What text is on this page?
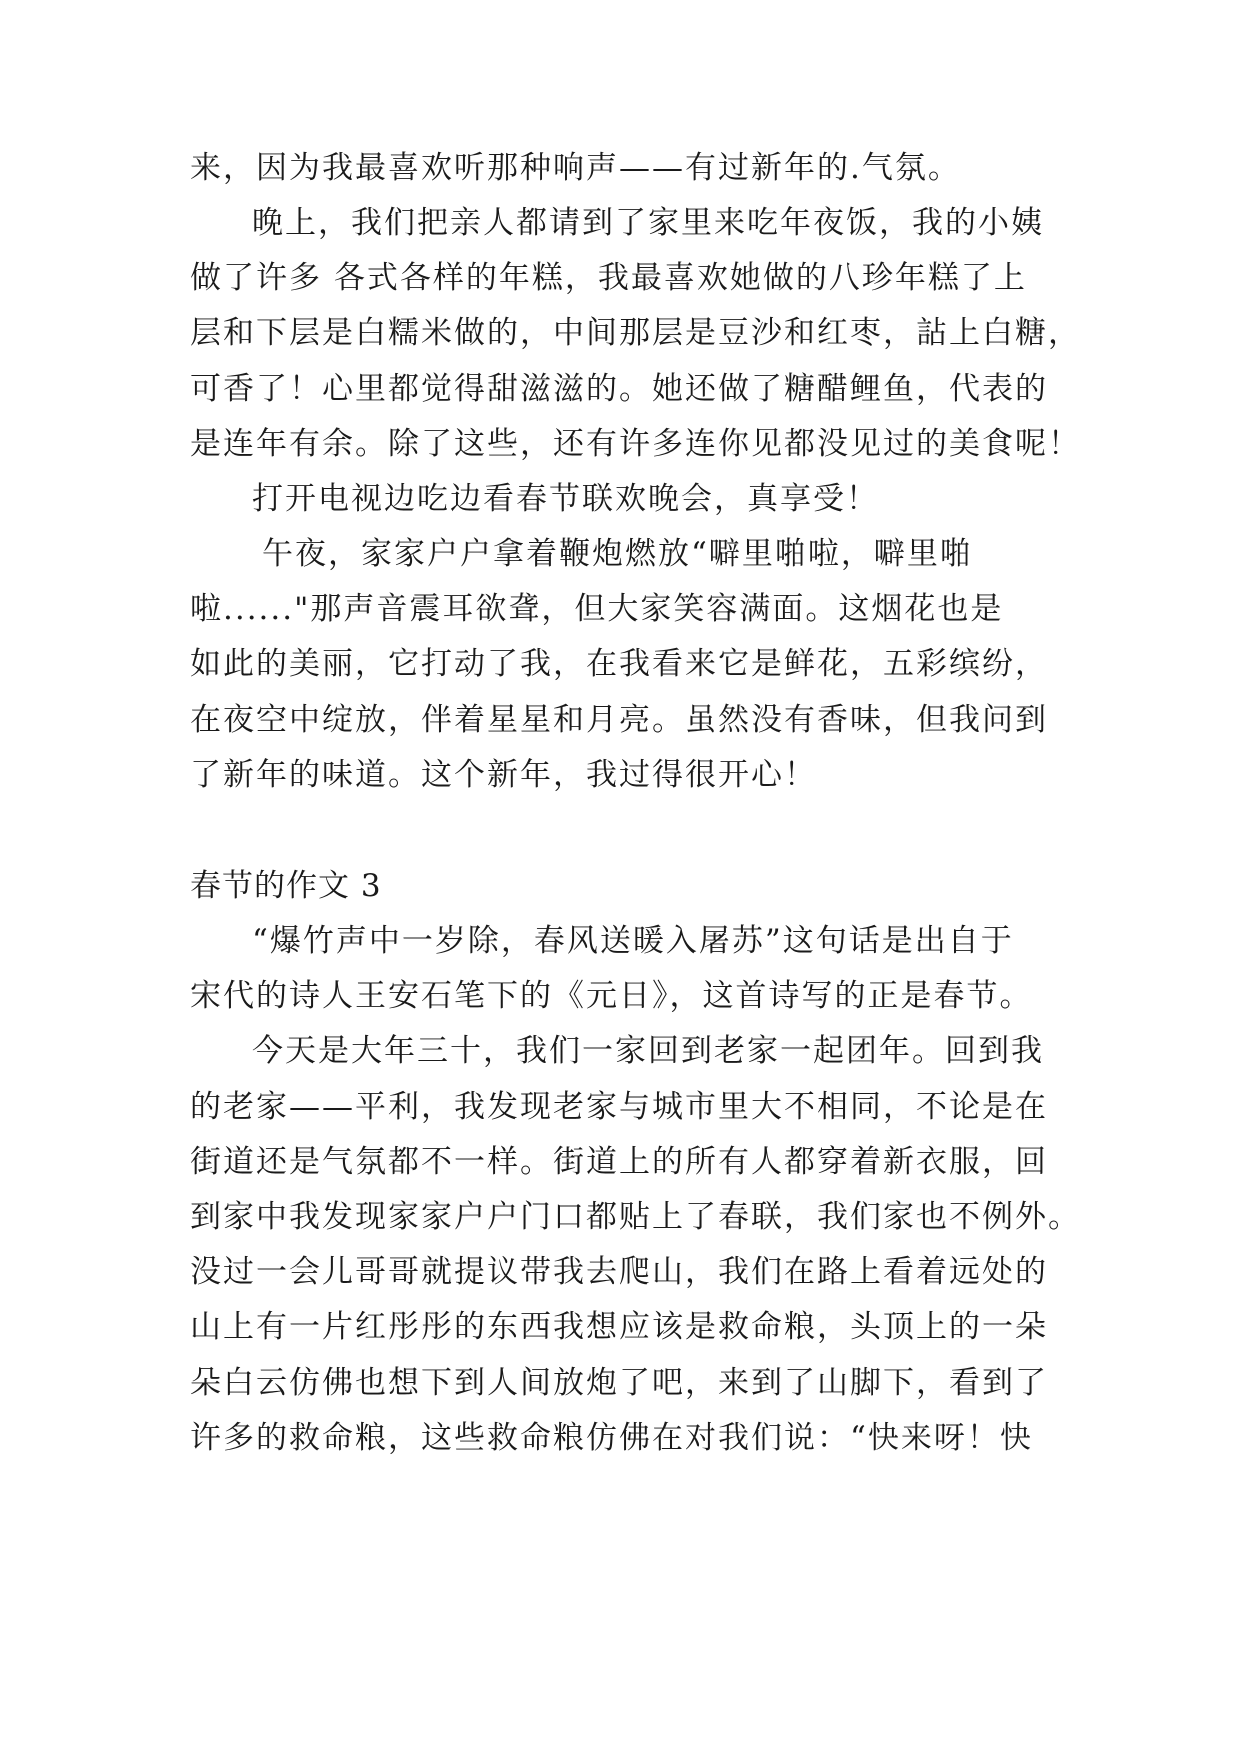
来，因为我最喜欢听那种响声——有过新年的.气氛。
晚上，我们把亲人都请到了家里来吃年夜饭，我的小姨
做了许多 各式各样的年糕，我最喜欢她做的八珍年糕了上
层和下层是白糯米做的，中间那层是豆沙和红枣，詀上白糖，
可香了！心里都觉得甜滋滋的。她还做了糖醋鲤鱼，代表的
是连年有余。除了这些，还有许多连你见都没见过的美食呢！
打开电视边吃边看春节联欢晚会，真享受！
午夜，家家户户拿着鞭炮燃放“噼里啪啦，噼里啪
啦......"那声音震耳欲聋，但大家笑容满面。这烟花也是
如此的美丽，它打动了我，在我看来它是鲜花，五彩缤纷，
在夜空中绽放，伴着星星和月亮。虽然没有香味，但我问到
了新年的味道。这个新年，我过得很开心！
春节的作文 3
“爆竹声中一岁除，春风送暖入屠苏”这句话是出自于
宋代的诗人王安石笔下的《元日》，这首诗写的正是春节。
今天是大年三十，我们一家回到老家一起团年。回到我
的老家——平利，我发现老家与城市里大不相同，不论是在
街道还是气氛都不一样。街道上的所有人都穿着新衣服，回
到家中我发现家家户户门口都贴上了春联，我们家也不例外。
没过一会儿哥哥就提议带我去爬山，我们在路上看着远处的
山上有一片红彤彤的东西我想应该是救命粮，头顶上的一朵
朵白云仿佛也想下到人间放炮了吧，来到了山脚下，看到了
许多的救命粮，这些救命粮仿佛在对我们说：“快来呀！快
